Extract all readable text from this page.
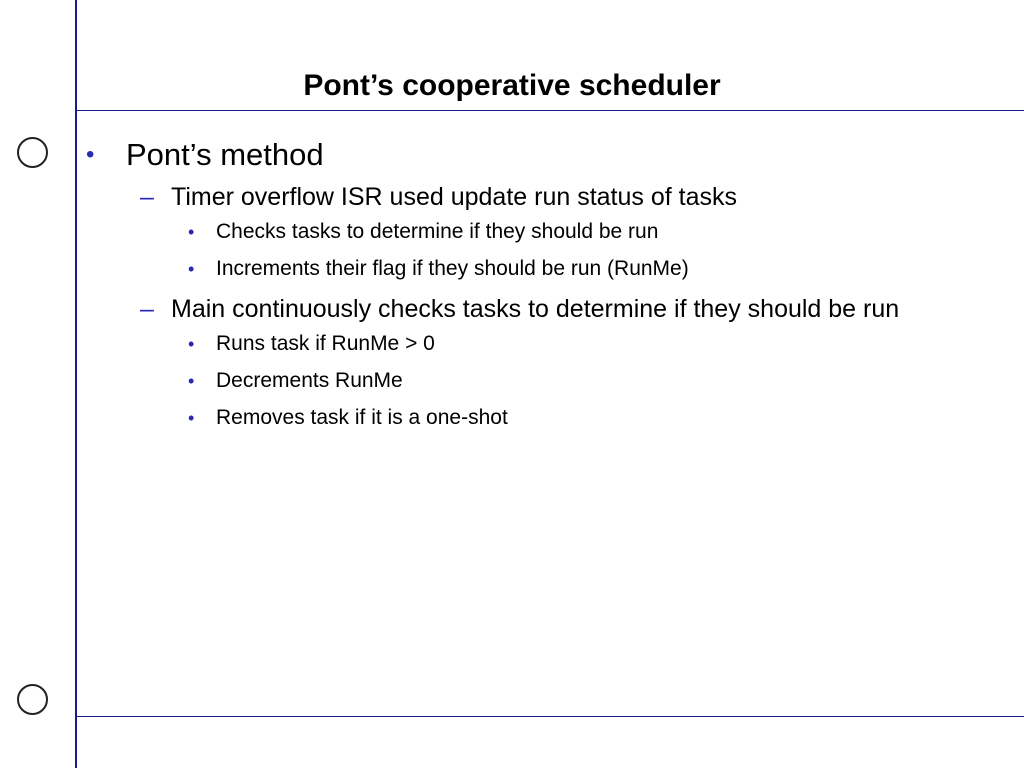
Pont’s cooperative scheduler
• Pont’s method
– Timer overflow ISR used update run status of tasks
• Checks tasks to determine if they should be run
• Increments their flag if they should be run (RunMe)
– Main continuously checks tasks to determine if they should be run
• Runs task if RunMe > 0
• Decrements RunMe
• Removes task if it is a one-shot
